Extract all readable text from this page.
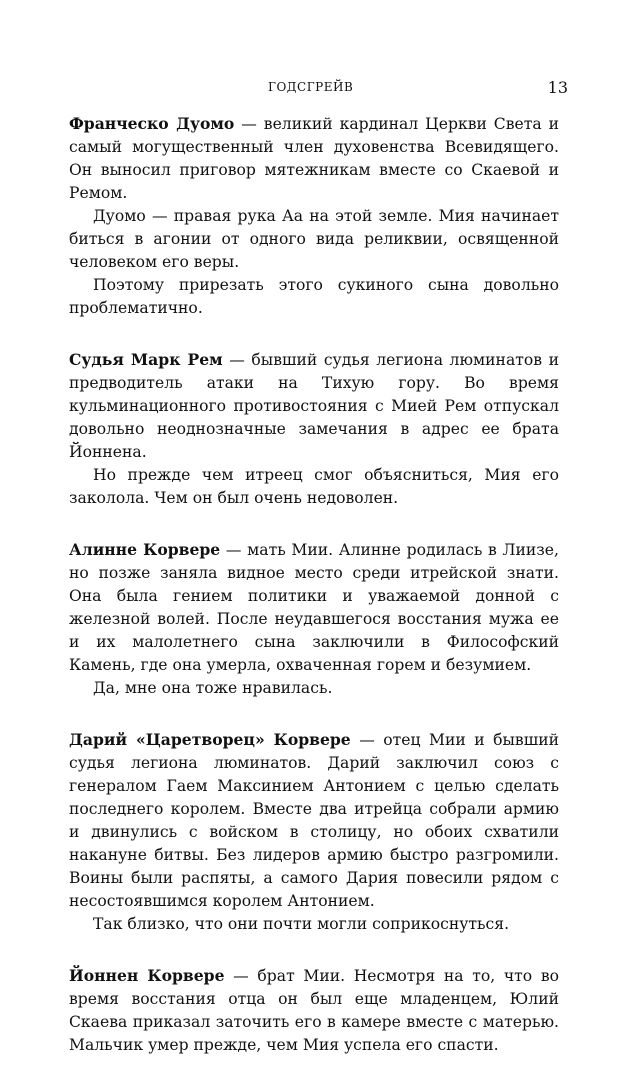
ГОДСГРЕЙВ	13

Франческо Дуомо — великий кардинал Церкви Света и самый могущественный член духовенства Всевидящего. Он выносил приговор мятежникам вместе со Скаевой и Ремом.

Дуомо — правая рука Аа на этой земле. Мия начинает биться в агонии от одного вида реликвии, освященной человеком его веры.

Поэтому прирезать этого сукиного сына довольно проблематично.

Судья Марк Рем — бывший судья легиона люминатов и предводитель атаки на Тихую гору. Во время кульминационного противостояния с Мией Рем отпускал довольно неоднозначные замечания в адрес ее брата Йоннена.

Но прежде чем итреец смог объясниться, Мия его заколола. Чем он был очень недоволен.

Алинне Корвере — мать Мии. Алинне родилась в Лиизе, но позже заняла видное место среди итрейской знати. Она была гением политики и уважаемой донной с железной волей. После неудавшегося восстания мужа ее и их малолетнего сына заключили в Философский Камень, где она умерла, охваченная горем и безумием.

Да, мне она тоже нравилась.

Дарий «Царетворец» Корвере — отец Мии и бывший судья легиона люминатов. Дарий заключил союз с генералом Гаем Максинием Антонием с целью сделать последнего королем. Вместе два итрейца собрали армию и двинулись с войском в столицу, но обоих схватили накануне битвы. Без лидеров армию быстро разгромили. Воины были распяты, а самого Дария повесили рядом с несостоявшимся королем Антонием.

Так близко, что они почти могли соприкоснуться.

Йоннен Корвере — брат Мии. Несмотря на то, что во время восстания отца он был еще младенцем, Юлий Скаева приказал заточить его в камере вместе с матерью. Мальчик умер прежде, чем Мия успела его спасти.
